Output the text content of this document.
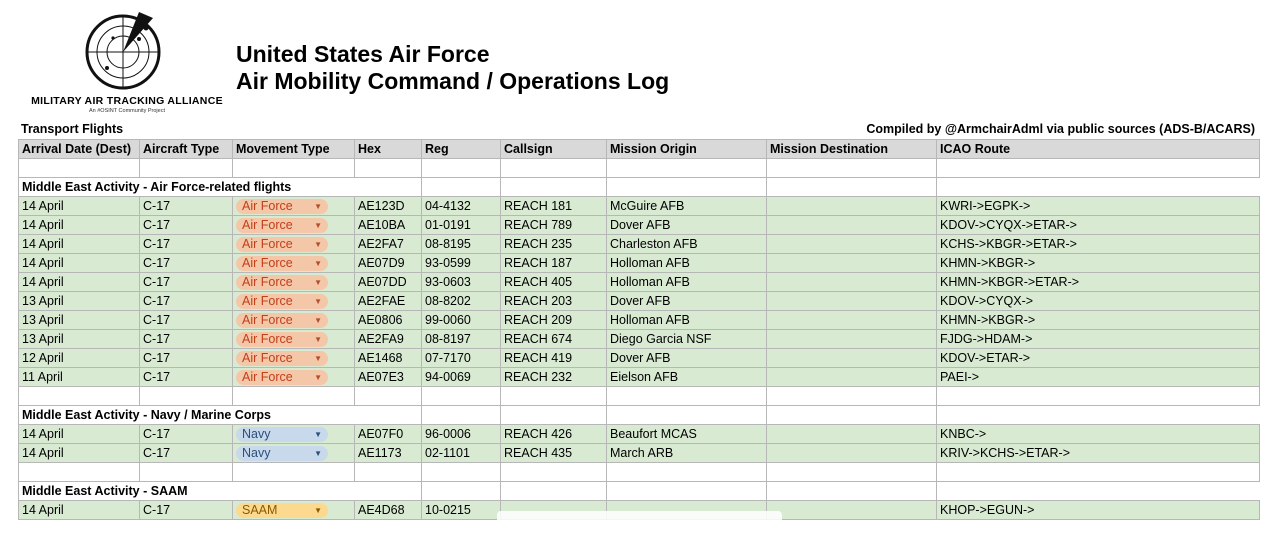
MILITARY AIR TRACKING ALLIANCE
An #OSINT Community Project
United States Air Force
Air Mobility Command / Operations Log
Transport Flights	Compiled by @ArmchairAdml via public sources (ADS-B/ACARS)
Arrival Date (Dest)	Aircraft Type	Movement Type	Hex	Reg	Callsign	Mission Origin	Mission Destination	ICAO Route

Middle East Activity - Air Force-related flights								
14 April	C-17	Air Force ▼	AE123D	04-4132	REACH 181	McGuire AFB		KWRI->EGPK->
14 April	C-17	Air Force ▼	AE10BA	01-0191	REACH 789	Dover AFB		KDOV->CYQX->ETAR->
14 April	C-17	Air Force ▼	AE2FA7	08-8195	REACH 235	Charleston AFB		KCHS->KBGR->ETAR->
14 April	C-17	Air Force ▼	AE07D9	93-0599	REACH 187	Holloman AFB		KHMN->KBGR->
14 April	C-17	Air Force ▼	AE07DD	93-0603	REACH 405	Holloman AFB		KHMN->KBGR->ETAR->
13 April	C-17	Air Force ▼	AE2FAE	08-8202	REACH 203	Dover AFB		KDOV->CYQX->
13 April	C-17	Air Force ▼	AE0806	99-0060	REACH 209	Holloman AFB		KHMN->KBGR->
13 April	C-17	Air Force ▼	AE2FA9	08-8197	REACH 674	Diego Garcia NSF		FJDG->HDAM->
12 April	C-17	Air Force ▼	AE1468	07-7170	REACH 419	Dover AFB		KDOV->ETAR->
11 April	C-17	Air Force ▼	AE07E3	94-0069	REACH 232	Eielson AFB		PAEI->

Middle East Activity - Navy / Marine Corps								
14 April	C-17	Navy ▼	AE07F0	96-0006	REACH 426	Beaufort MCAS		KNBC->
14 April	C-17	Navy ▼	AE1173	02-1101	REACH 435	March ARB		KRIV->KCHS->ETAR->

Middle East Activity - SAAM								
14 April	C-17	SAAM ▼	AE4D68	10-0215				KHOP->EGUN->
